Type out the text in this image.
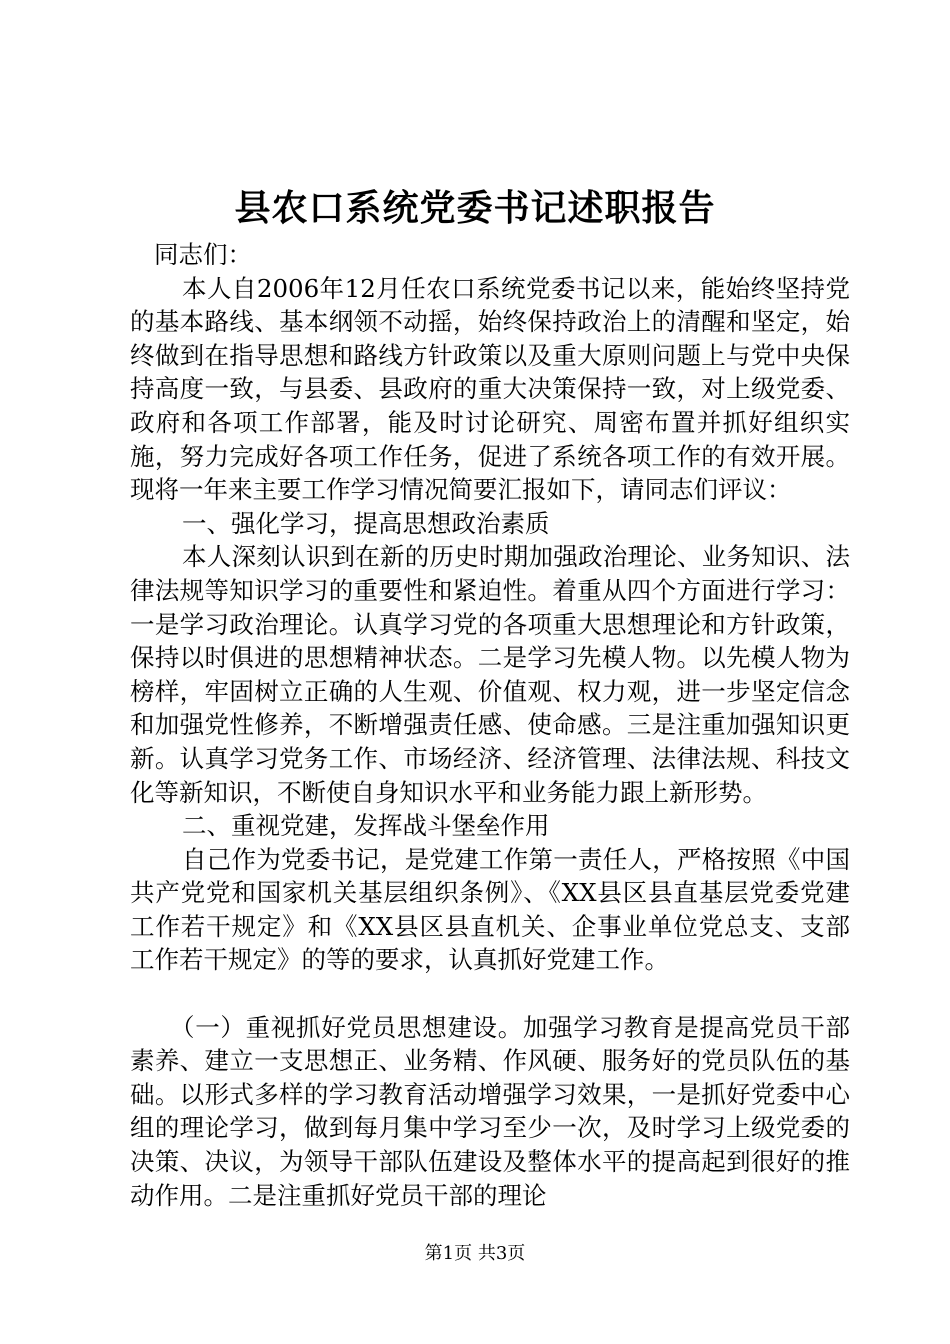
县农口系统党委书记述职报告

同志们：

本人自2006年12月任农口系统党委书记以来，能始终坚持党的基本路线、基本纲领不动摇，始终保持政治上的清醒和坚定，始终做到在指导思想和路线方针政策以及重大原则问题上与党中央保持高度一致，与县委、县政府的重大决策保持一致，对上级党委、政府和各项工作部署，能及时讨论研究、周密布置并抓好组织实施，努力完成好各项工作任务，促进了系统各项工作的有效开展。现将一年来主要工作学习情况简要汇报如下，请同志们评议：

一、强化学习，提高思想政治素质

本人深刻认识到在新的历史时期加强政治理论、业务知识、法律法规等知识学习的重要性和紧迫性。着重从四个方面进行学习：一是学习政治理论。认真学习党的各项重大思想理论和方针政策，保持以时俱进的思想精神状态。二是学习先模人物。以先模人物为榜样，牢固树立正确的人生观、价值观、权力观，进一步坚定信念和加强党性修养，不断增强责任感、使命感。三是注重加强知识更新。认真学习党务工作、市场经济、经济管理、法律法规、科技文化等新知识，不断使自身知识水平和业务能力跟上新形势。

二、重视党建，发挥战斗堡垒作用

自己作为党委书记，是党建工作第一责任人，严格按照《中国共产党党和国家机关基层组织条例》、《XX县区县直基层党委党建工作若干规定》和《XX县区县直机关、企事业单位党总支、支部工作若干规定》的等的要求，认真抓好党建工作。

（一）重视抓好党员思想建设。加强学习教育是提高党员干部素养、建立一支思想正、业务精、作风硬、服务好的党员队伍的基础。以形式多样的学习教育活动增强学习效果，一是抓好党委中心组的理论学习，做到每月集中学习至少一次，及时学习上级党委的决策、决议，为领导干部队伍建设及整体水平的提高起到很好的推动作用。二是注重抓好党员干部的理论

第1页 共3页
